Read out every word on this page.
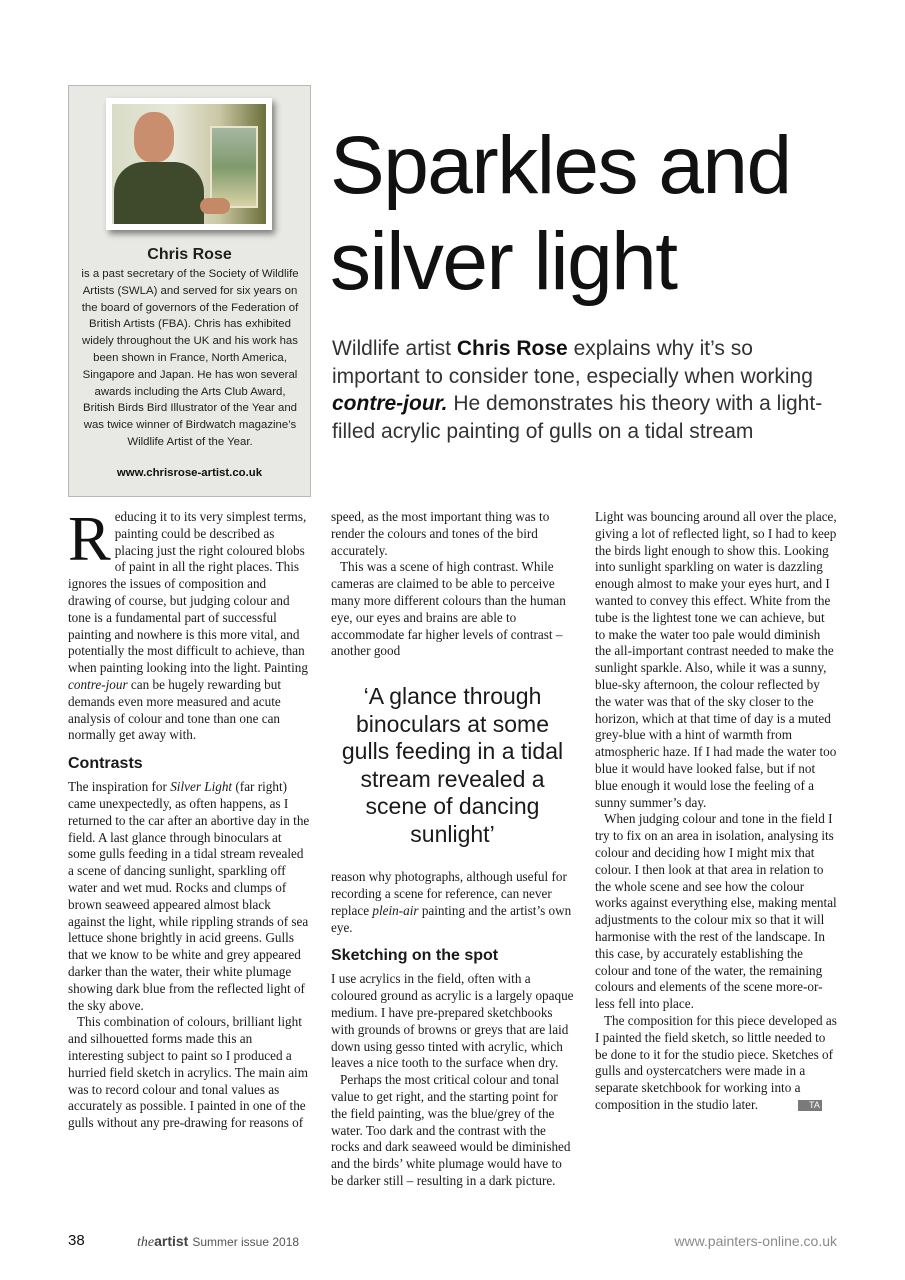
Chris Rose
is a past secretary of the Society of Wildlife Artists (SWLA) and served for six years on the board of governors of the Federation of British Artists (FBA). Chris has exhibited widely throughout the UK and his work has been shown in France, North America, Singapore and Japan. He has won several awards including the Arts Club Award, British Birds Bird Illustrator of the Year and was twice winner of Birdwatch magazine’s Wildlife Artist of the Year.
www.chrisrose-artist.co.uk
Sparkles and
silver light
Wildlife artist Chris Rose explains why it’s so important to consider tone, especially when working contre-jour. He demonstrates his theory with a light-filled acrylic painting of gulls on a tidal stream

Reducing it to its very simplest terms, painting could be described as placing just the right coloured blobs of paint in all the right places. This ignores the issues of composition and drawing of course, but judging colour and tone is a fundamental part of successful painting and nowhere is this more vital, and potentially the most difficult to achieve, than when painting looking into the light. Painting contre-jour can be hugely rewarding but demands even more measured and acute analysis of colour and tone than one can normally get away with.

Contrasts

The inspiration for Silver Light (far right) came unexpectedly, as often happens, as I returned to the car after an abortive day in the field. A last glance through binoculars at some gulls feeding in a tidal stream revealed a scene of dancing sunlight, sparkling off water and wet mud. Rocks and clumps of brown seaweed appeared almost black against the light, while rippling strands of sea lettuce shone brightly in acid greens. Gulls that we know to be white and grey appeared darker than the water, their white plumage showing dark blue from the reflected light of the sky above.

This combination of colours, brilliant light and silhouetted forms made this an interesting subject to paint so I produced a hurried field sketch in acrylics. The main aim was to record colour and tonal values as accurately as possible. I painted in one of the gulls without any pre-drawing for reasons of

speed, as the most important thing was to render the colours and tones of the bird accurately.

This was a scene of high contrast. While cameras are claimed to be able to perceive many more different colours than the human eye, our eyes and brains are able to accommodate far higher levels of contrast – another good

‘A glance through binoculars at some gulls feeding in a tidal stream revealed a scene of dancing sunlight’

reason why photographs, although useful for recording a scene for reference, can never replace plein-air painting and the artist’s own eye.

Sketching on the spot

I use acrylics in the field, often with a coloured ground as acrylic is a largely opaque medium. I have pre-prepared sketchbooks with grounds of browns or greys that are laid down using gesso tinted with acrylic, which leaves a nice tooth to the surface when dry.

Perhaps the most critical colour and tonal value to get right, and the starting point for the field painting, was the blue/grey of the water. Too dark and the contrast with the rocks and dark seaweed would be diminished and the birds’ white plumage would have to be darker still – resulting in a dark picture.

Light was bouncing around all over the place, giving a lot of reflected light, so I had to keep the birds light enough to show this. Looking into sunlight sparkling on water is dazzling enough almost to make your eyes hurt, and I wanted to convey this effect. White from the tube is the lightest tone we can achieve, but to make the water too pale would diminish the all-important contrast needed to make the sunlight sparkle. Also, while it was a sunny, blue-sky afternoon, the colour reflected by the water was that of the sky closer to the horizon, which at that time of day is a muted grey-blue with a hint of warmth from atmospheric haze. If I had made the water too blue it would have looked false, but if not blue enough it would lose the feeling of a sunny summer’s day.

When judging colour and tone in the field I try to fix on an area in isolation, analysing its colour and deciding how I might mix that colour. I then look at that area in relation to the whole scene and see how the colour works against everything else, making mental adjustments to the colour mix so that it will harmonise with the rest of the landscape. In this case, by accurately establishing the colour and tone of the water, the remaining colours and elements of the scene more-or-less fell into place.

The composition for this piece developed as I painted the field sketch, so little needed to be done to it for the studio piece. Sketches of gulls and oystercatchers were made in a separate sketchbook for working into a composition in the studio later.	TA

38	theartist Summer issue 2018	www.painters-online.co.uk
